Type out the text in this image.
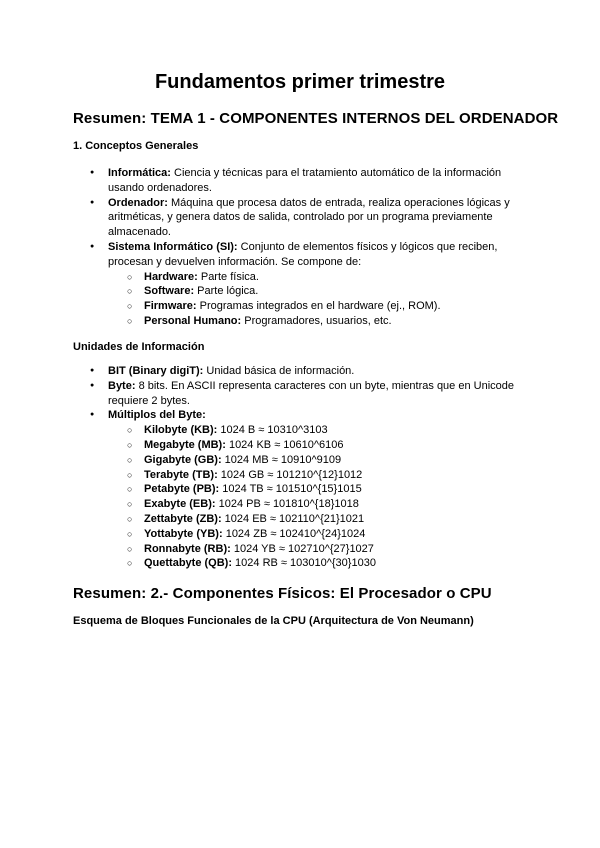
Fundamentos primer trimestre
Resumen: TEMA 1 - COMPONENTES INTERNOS DEL ORDENADOR
1. Conceptos Generales
● Informática: Ciencia y técnicas para el tratamiento automático de la información usando ordenadores.
● Ordenador: Máquina que procesa datos de entrada, realiza operaciones lógicas y aritméticas, y genera datos de salida, controlado por un programa previamente almacenado.
● Sistema Informático (SI): Conjunto de elementos físicos y lógicos que reciben, procesan y devuelven información. Se compone de:
○ Hardware: Parte física.
○ Software: Parte lógica.
○ Firmware: Programas integrados en el hardware (ej., ROM).
○ Personal Humano: Programadores, usuarios, etc.
Unidades de Información
● BIT (Binary digiT): Unidad básica de información.
● Byte: 8 bits. En ASCII representa caracteres con un byte, mientras que en Unicode requiere 2 bytes.
● Múltiplos del Byte:
○ Kilobyte (KB): 1024 B ≈ 10310^3103
○ Megabyte (MB): 1024 KB ≈ 10610^6106
○ Gigabyte (GB): 1024 MB ≈ 10910^9109
○ Terabyte (TB): 1024 GB ≈ 101210^{12}1012
○ Petabyte (PB): 1024 TB ≈ 101510^{15}1015
○ Exabyte (EB): 1024 PB ≈ 101810^{18}1018
○ Zettabyte (ZB): 1024 EB ≈ 102110^{21}1021
○ Yottabyte (YB): 1024 ZB ≈ 102410^{24}1024
○ Ronnabyte (RB): 1024 YB ≈ 102710^{27}1027
○ Quettabyte (QB): 1024 RB ≈ 103010^{30}1030
Resumen: 2.- Componentes Físicos: El Procesador o CPU
Esquema de Bloques Funcionales de la CPU (Arquitectura de Von Neumann)
